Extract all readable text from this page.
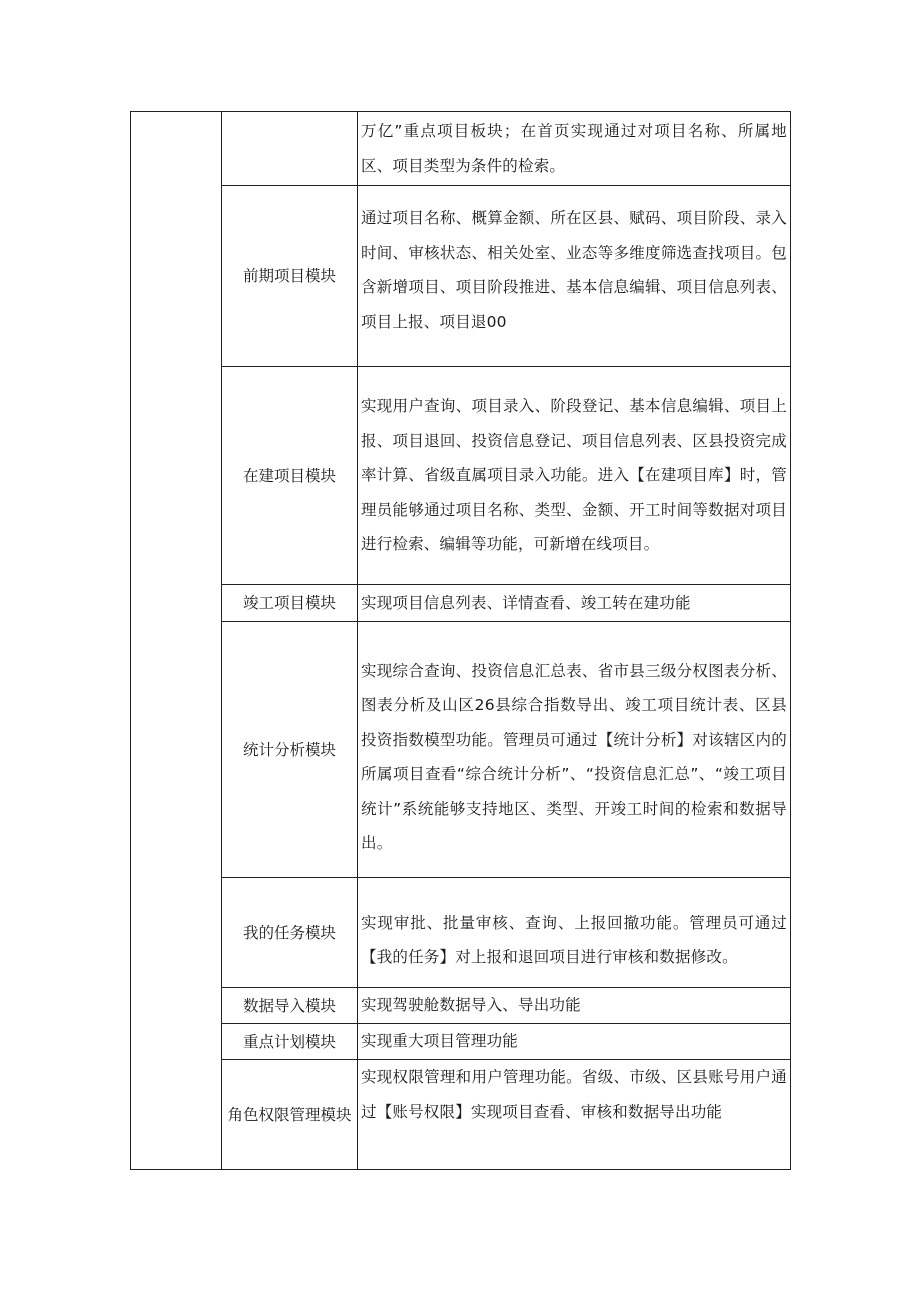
		万亿”重点项目板块；在首页实现通过对项目名称、所属地区、项目类型为条件的检索。
	前期项目模块	通过项目名称、概算金额、所在区县、赋码、项目阶段、录入时间、审核状态、相关处室、业态等多维度筛选查找项目。包含新增项目、项目阶段推进、基本信息编辑、项目信息列表、项目上报、项目退00
	在建项目模块	实现用户查询、项目录入、阶段登记、基本信息编辑、项目上报、项目退回、投资信息登记、项目信息列表、区县投资完成率计算、省级直属项目录入功能。进入【在建项目库】时，管理员能够通过项目名称、类型、金额、开工时间等数据对项目进行检索、编辑等功能，可新增在线项目。
	竣工项目模块	实现项目信息列表、详情查看、竣工转在建功能
	统计分析模块	实现综合查询、投资信息汇总表、省市县三级分权图表分析、图表分析及山区26县综合指数导出、竣工项目统计表、区县投资指数模型功能。管理员可通过【统计分析】对该辖区内的所属项目查看“综合统计分析”、“投资信息汇总”、“竣工项目统计”系统能够支持地区、类型、开竣工时间的检索和数据导出。
	我的任务模块	实现审批、批量审核、查询、上报回撤功能。管理员可通过【我的任务】对上报和退回项目进行审核和数据修改。
	数据导入模块	实现驾驶舱数据导入、导出功能
	重点计划模块	实现重大项目管理功能
	角色权限管理模块	实现权限管理和用户管理功能。省级、市级、区县账号用户通过【账号权限】实现项目查看、审核和数据导出功能
